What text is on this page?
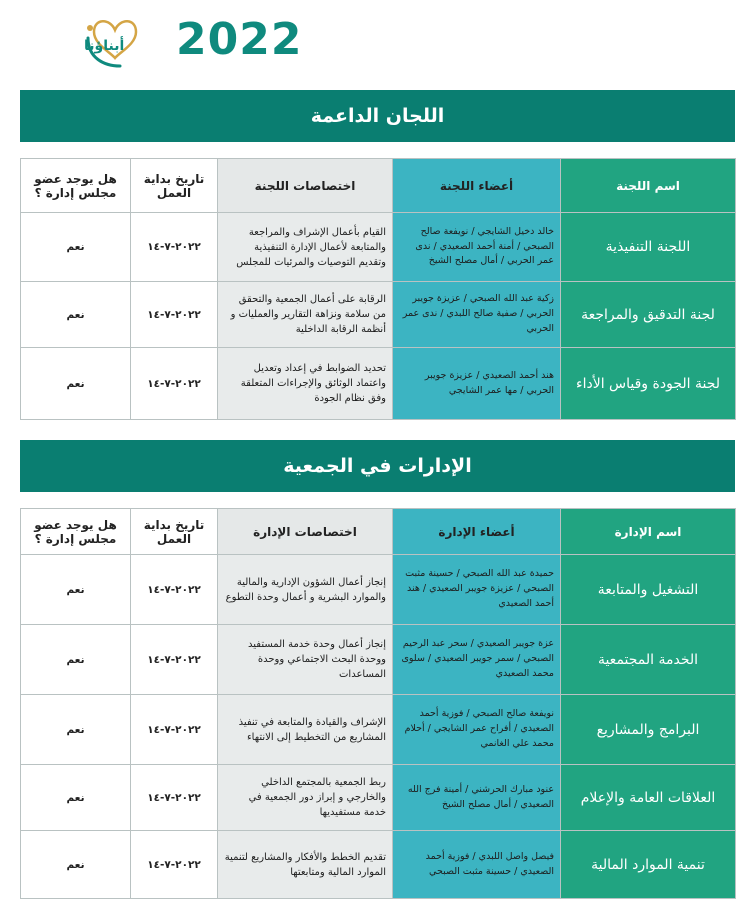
أبناؤنا 2022
اللجان الداعمة
اسم اللجنة	أعضاء اللجنة	اختصاصات اللجنة	تاريخ بداية العمل	هل يوجد عضو مجلس إدارة ؟
اللجنة التنفيذية	خالد دخيل الشايجي / نويفعة صالح الصبحي / أمنة أحمد الصعيدي / ندى عمر الحربي / أمال مصلح الشيخ	القيام بأعمال الإشراف والمراجعة والمتابعة لأعمال الإدارة التنفيذية وتقديم التوصيات والمرئيات للمجلس	٢٠٢٢-٧-١٤	نعم
لجنة التدقيق والمراجعة	زكية عبد الله الصبحي / عزيزة جويبر الحربي / صفية صالح اللبدي / ندى عمر الحربي	الرقابة على أعمال الجمعية والتحقق من سلامة ونزاهة التقارير والعمليات و أنظمة الرقابة الداخلية	٢٠٢٢-٧-١٤	نعم
لجنة الجودة وقياس الأداء	هند أحمد الصعيدي / عزيزة جويبر الحربي / مها عمر الشايجي	تحديد الضوابط في إعداد وتعديل واعتماد الوثائق والإجراءات المتعلقة وفق نظام الجودة	٢٠٢٢-٧-١٤	نعم
الإدارات في الجمعية
اسم الإدارة	أعضاء الإدارة	اختصاصات الإدارة	تاريخ بداية العمل	هل يوجد عضو مجلس إدارة ؟
التشغيل والمتابعة	حميدة عبد الله الصبحي / حسينة مثبت الصبحي / عزيزة جويبر الصعيدي / هند أحمد الصعيدي	إنجاز أعمال الشؤون الإدارية والمالية والموارد البشرية و أعمال وحدة التطوع	٢٠٢٢-٧-١٤	نعم
الخدمة المجتمعية	عزة جويبر الصعيدي / سحر عبد الرحيم الصبحي / سمر جويبر الصعيدي / سلوى محمد الصعيدي	إنجاز أعمال وحدة خدمة المستفيد ووحدة البحث الاجتماعي ووحدة المساعدات	٢٠٢٢-٧-١٤	نعم
البرامج والمشاريع	نويفعة صالح الصبحي / فوزية أحمد الصعيدي / أفراح عمر الشايجي / أحلام محمد علي الغانمي	الإشراف والقيادة والمتابعة في تنفيذ المشاريع من التخطيط إلى الانتهاء	٢٠٢٢-٧-١٤	نعم
العلاقات العامة والإعلام	عنود مبارك الحرشني / أمينة فرج الله الصعيدي / أمال مصلح الشيخ	ربط الجمعية بالمجتمع الداخلي والخارجي و إبراز دور الجمعية في خدمة مستفيديها	٢٠٢٢-٧-١٤	نعم
تنمية الموارد المالية	فيصل واصل اللبدي / فوزية أحمد الصعيدي / حسينة مثبت الصبحي	تقديم الخطط والأفكار والمشاريع لتنمية الموارد المالية ومتابعتها	٢٠٢٢-٧-١٤	نعم
